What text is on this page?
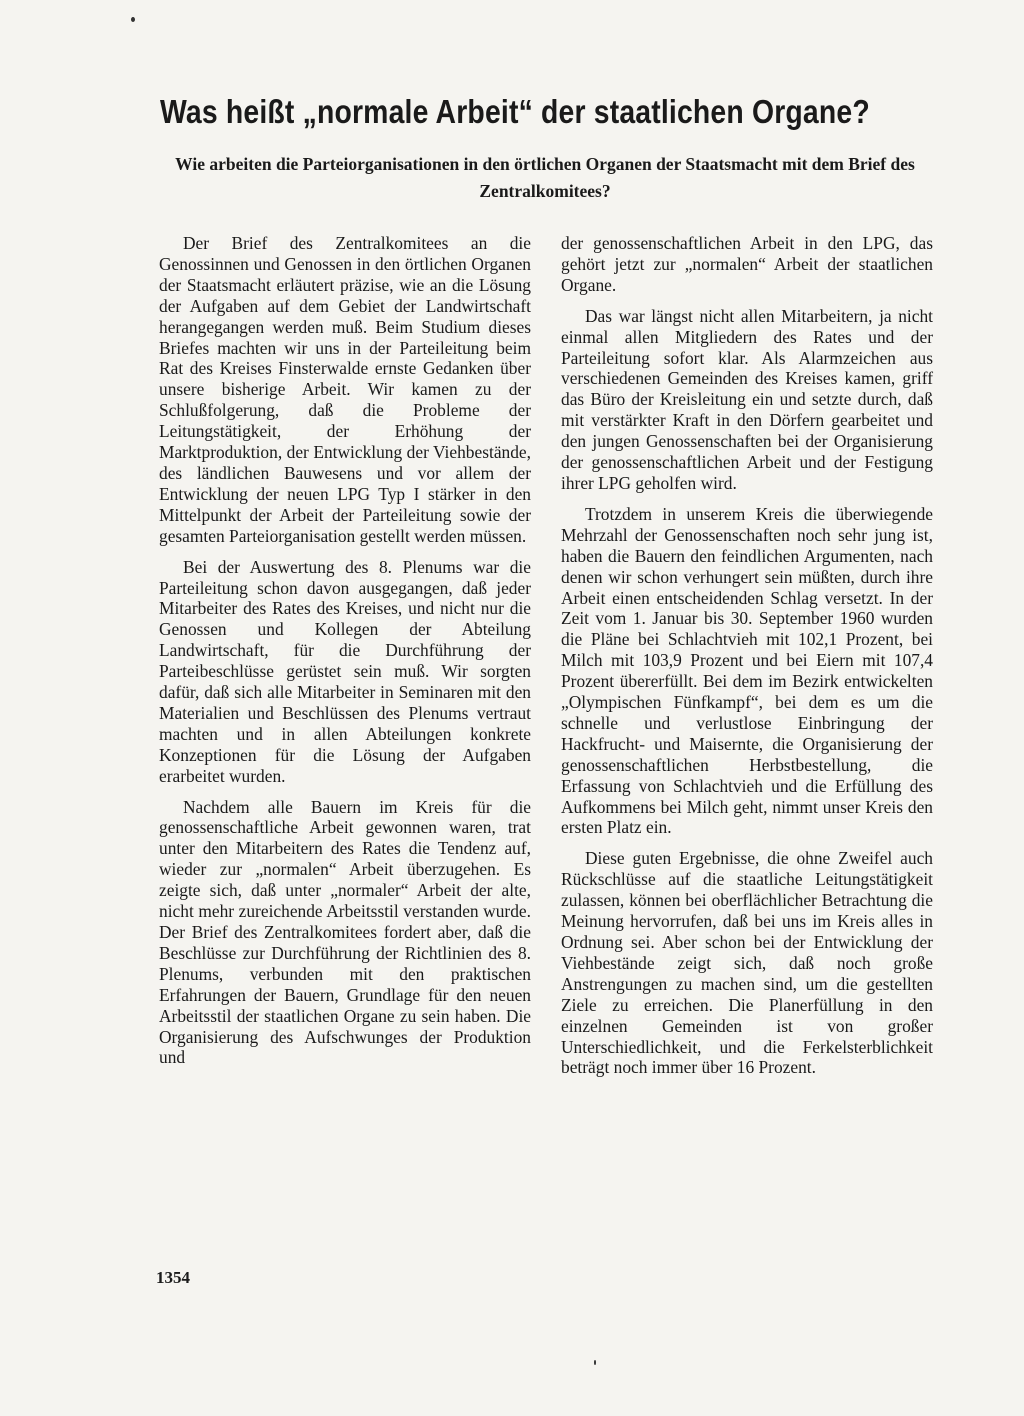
Was heißt „normale Arbeit“ der staatlichen Organe?
Wie arbeiten die Parteiorganisationen in den örtlichen Organen der Staatsmacht mit dem Brief des Zentralkomitees?

Der Brief des Zentralkomitees an die Genossinnen und Genossen in den örtlichen Organen der Staatsmacht erläutert präzise, wie an die Lösung der Aufgaben auf dem Gebiet der Landwirtschaft herangegangen werden muß. Beim Studium dieses Briefes machten wir uns in der Parteileitung beim Rat des Kreises Finsterwalde ernste Gedanken über unsere bisherige Arbeit. Wir kamen zu der Schlußfolgerung, daß die Probleme der Leitungstätigkeit, der Erhöhung der Marktproduktion, der Entwicklung der Viehbestände, des ländlichen Bauwesens und vor allem der Entwicklung der neuen LPG Typ I stärker in den Mittelpunkt der Arbeit der Parteileitung sowie der gesamten Parteiorganisation gestellt werden müssen.

Bei der Auswertung des 8. Plenums war die Parteileitung schon davon ausgegangen, daß jeder Mitarbeiter des Rates des Kreises, und nicht nur die Genossen und Kollegen der Abteilung Landwirtschaft, für die Durchführung der Parteibeschlüsse gerüstet sein muß. Wir sorgten dafür, daß sich alle Mitarbeiter in Seminaren mit den Materialien und Beschlüssen des Plenums vertraut machten und in allen Abteilungen konkrete Konzeptionen für die Lösung der Aufgaben erarbeitet wurden.

Nachdem alle Bauern im Kreis für die genossenschaftliche Arbeit gewonnen waren, trat unter den Mitarbeitern des Rates die Tendenz auf, wieder zur „normalen“ Arbeit überzugehen. Es zeigte sich, daß unter „normaler“ Arbeit der alte, nicht mehr zureichende Arbeitsstil verstanden wurde. Der Brief des Zentralkomitees fordert aber, daß die Beschlüsse zur Durchführung der Richtlinien des 8. Plenums, verbunden mit den praktischen Erfahrungen der Bauern, Grundlage für den neuen Arbeitsstil der staatlichen Organe zu sein haben. Die Organisierung des Aufschwunges der Produktion und

der genossenschaftlichen Arbeit in den LPG, das gehört jetzt zur „normalen“ Arbeit der staatlichen Organe.

Das war längst nicht allen Mitarbeitern, ja nicht einmal allen Mitgliedern des Rates und der Parteileitung sofort klar. Als Alarmzeichen aus verschiedenen Gemeinden des Kreises kamen, griff das Büro der Kreisleitung ein und setzte durch, daß mit verstärkter Kraft in den Dörfern gearbeitet und den jungen Genossenschaften bei der Organisierung der genossenschaftlichen Arbeit und der Festigung ihrer LPG geholfen wird.

Trotzdem in unserem Kreis die überwiegende Mehrzahl der Genossenschaften noch sehr jung ist, haben die Bauern den feindlichen Argumenten, nach denen wir schon verhungert sein müßten, durch ihre Arbeit einen entscheidenden Schlag versetzt. In der Zeit vom 1. Januar bis 30. September 1960 wurden die Pläne bei Schlachtvieh mit 102,1 Prozent, bei Milch mit 103,9 Prozent und bei Eiern mit 107,4 Prozent übererfüllt. Bei dem im Bezirk entwickelten „Olympischen Fünfkampf“, bei dem es um die schnelle und verlustlose Einbringung der Hackfrucht- und Maisernte, die Organisierung der genossenschaftlichen Herbstbestellung, die Erfassung von Schlachtvieh und die Erfüllung des Aufkommens bei Milch geht, nimmt unser Kreis den ersten Platz ein.

Diese guten Ergebnisse, die ohne Zweifel auch Rückschlüsse auf die staatliche Leitungstätigkeit zulassen, können bei oberflächlicher Betrachtung die Meinung hervorrufen, daß bei uns im Kreis alles in Ordnung sei. Aber schon bei der Entwicklung der Viehbestände zeigt sich, daß noch große Anstrengungen zu machen sind, um die gestellten Ziele zu erreichen. Die Planerfüllung in den einzelnen Gemeinden ist von großer Unterschiedlichkeit, und die Ferkelsterblichkeit beträgt noch immer über 16 Prozent.

1354
